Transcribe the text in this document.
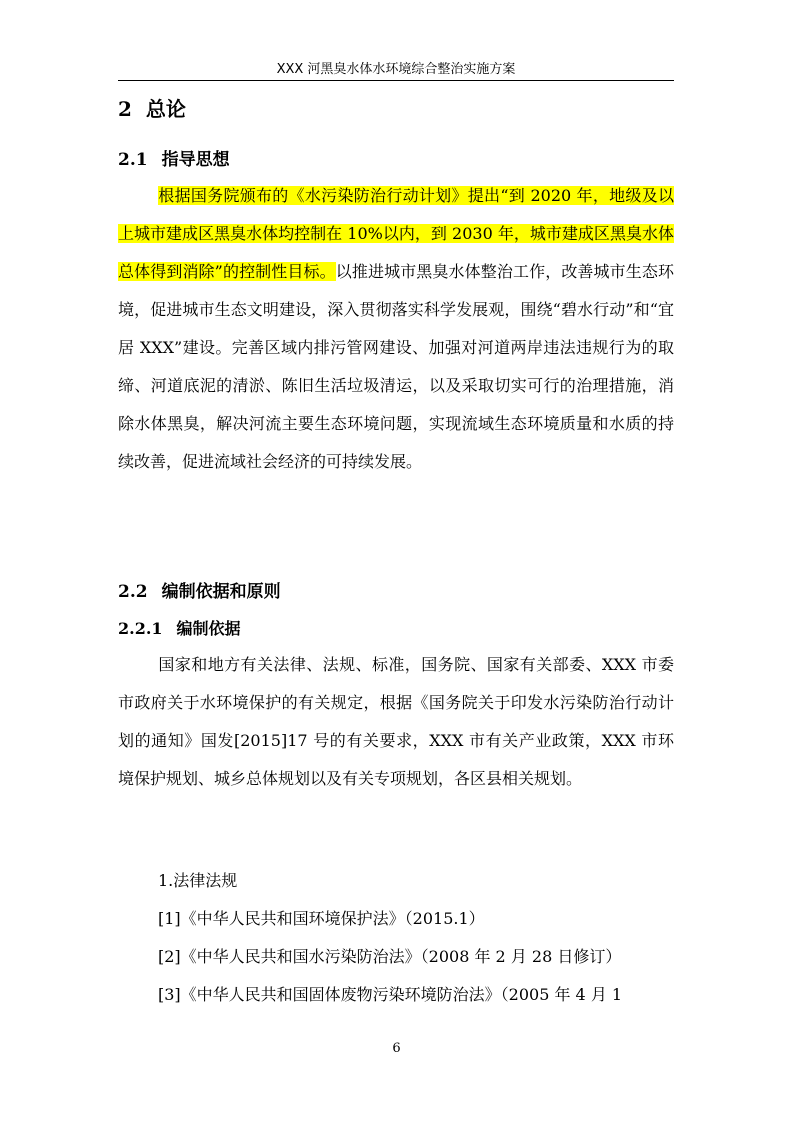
XXX 河黑臭水体水环境综合整治实施方案
2 总论
2.1 指导思想

根据国务院颁布的《水污染防治行动计划》提出“到 2020 年，地级及以上城市建成区黑臭水体均控制在 10%以内，到 2030 年，城市建成区黑臭水体总体得到消除”的控制性目标。以推进城市黑臭水体整治工作，改善城市生态环境，促进城市生态文明建设，深入贯彻落实科学发展观，围绕“碧水行动”和“宜居 XXX”建设。完善区域内排污管网建设、加强对河道两岸违法违规行为的取缔、河道底泥的清淤、陈旧生活垃圾清运，以及采取切实可行的治理措施，消除水体黑臭，解决河流主要生态环境问题，实现流域生态环境质量和水质的持续改善，促进流域社会经济的可持续发展。

2.2 编制依据和原则
2.2.1 编制依据

国家和地方有关法律、法规、标准，国务院、国家有关部委、XXX 市委市政府关于水环境保护的有关规定，根据《国务院关于印发水污染防治行动计划的通知》国发[2015]17 号的有关要求，XXX 市有关产业政策，XXX 市环境保护规划、城乡总体规划以及有关专项规划，各区县相关规划。

1.法律法规
[1]《中华人民共和国环境保护法》（2015.1）
[2]《中华人民共和国水污染防治法》（2008 年 2 月 28 日修订）
[3]《中华人民共和国固体废物污染环境防治法》（2005 年 4 月 1
6
